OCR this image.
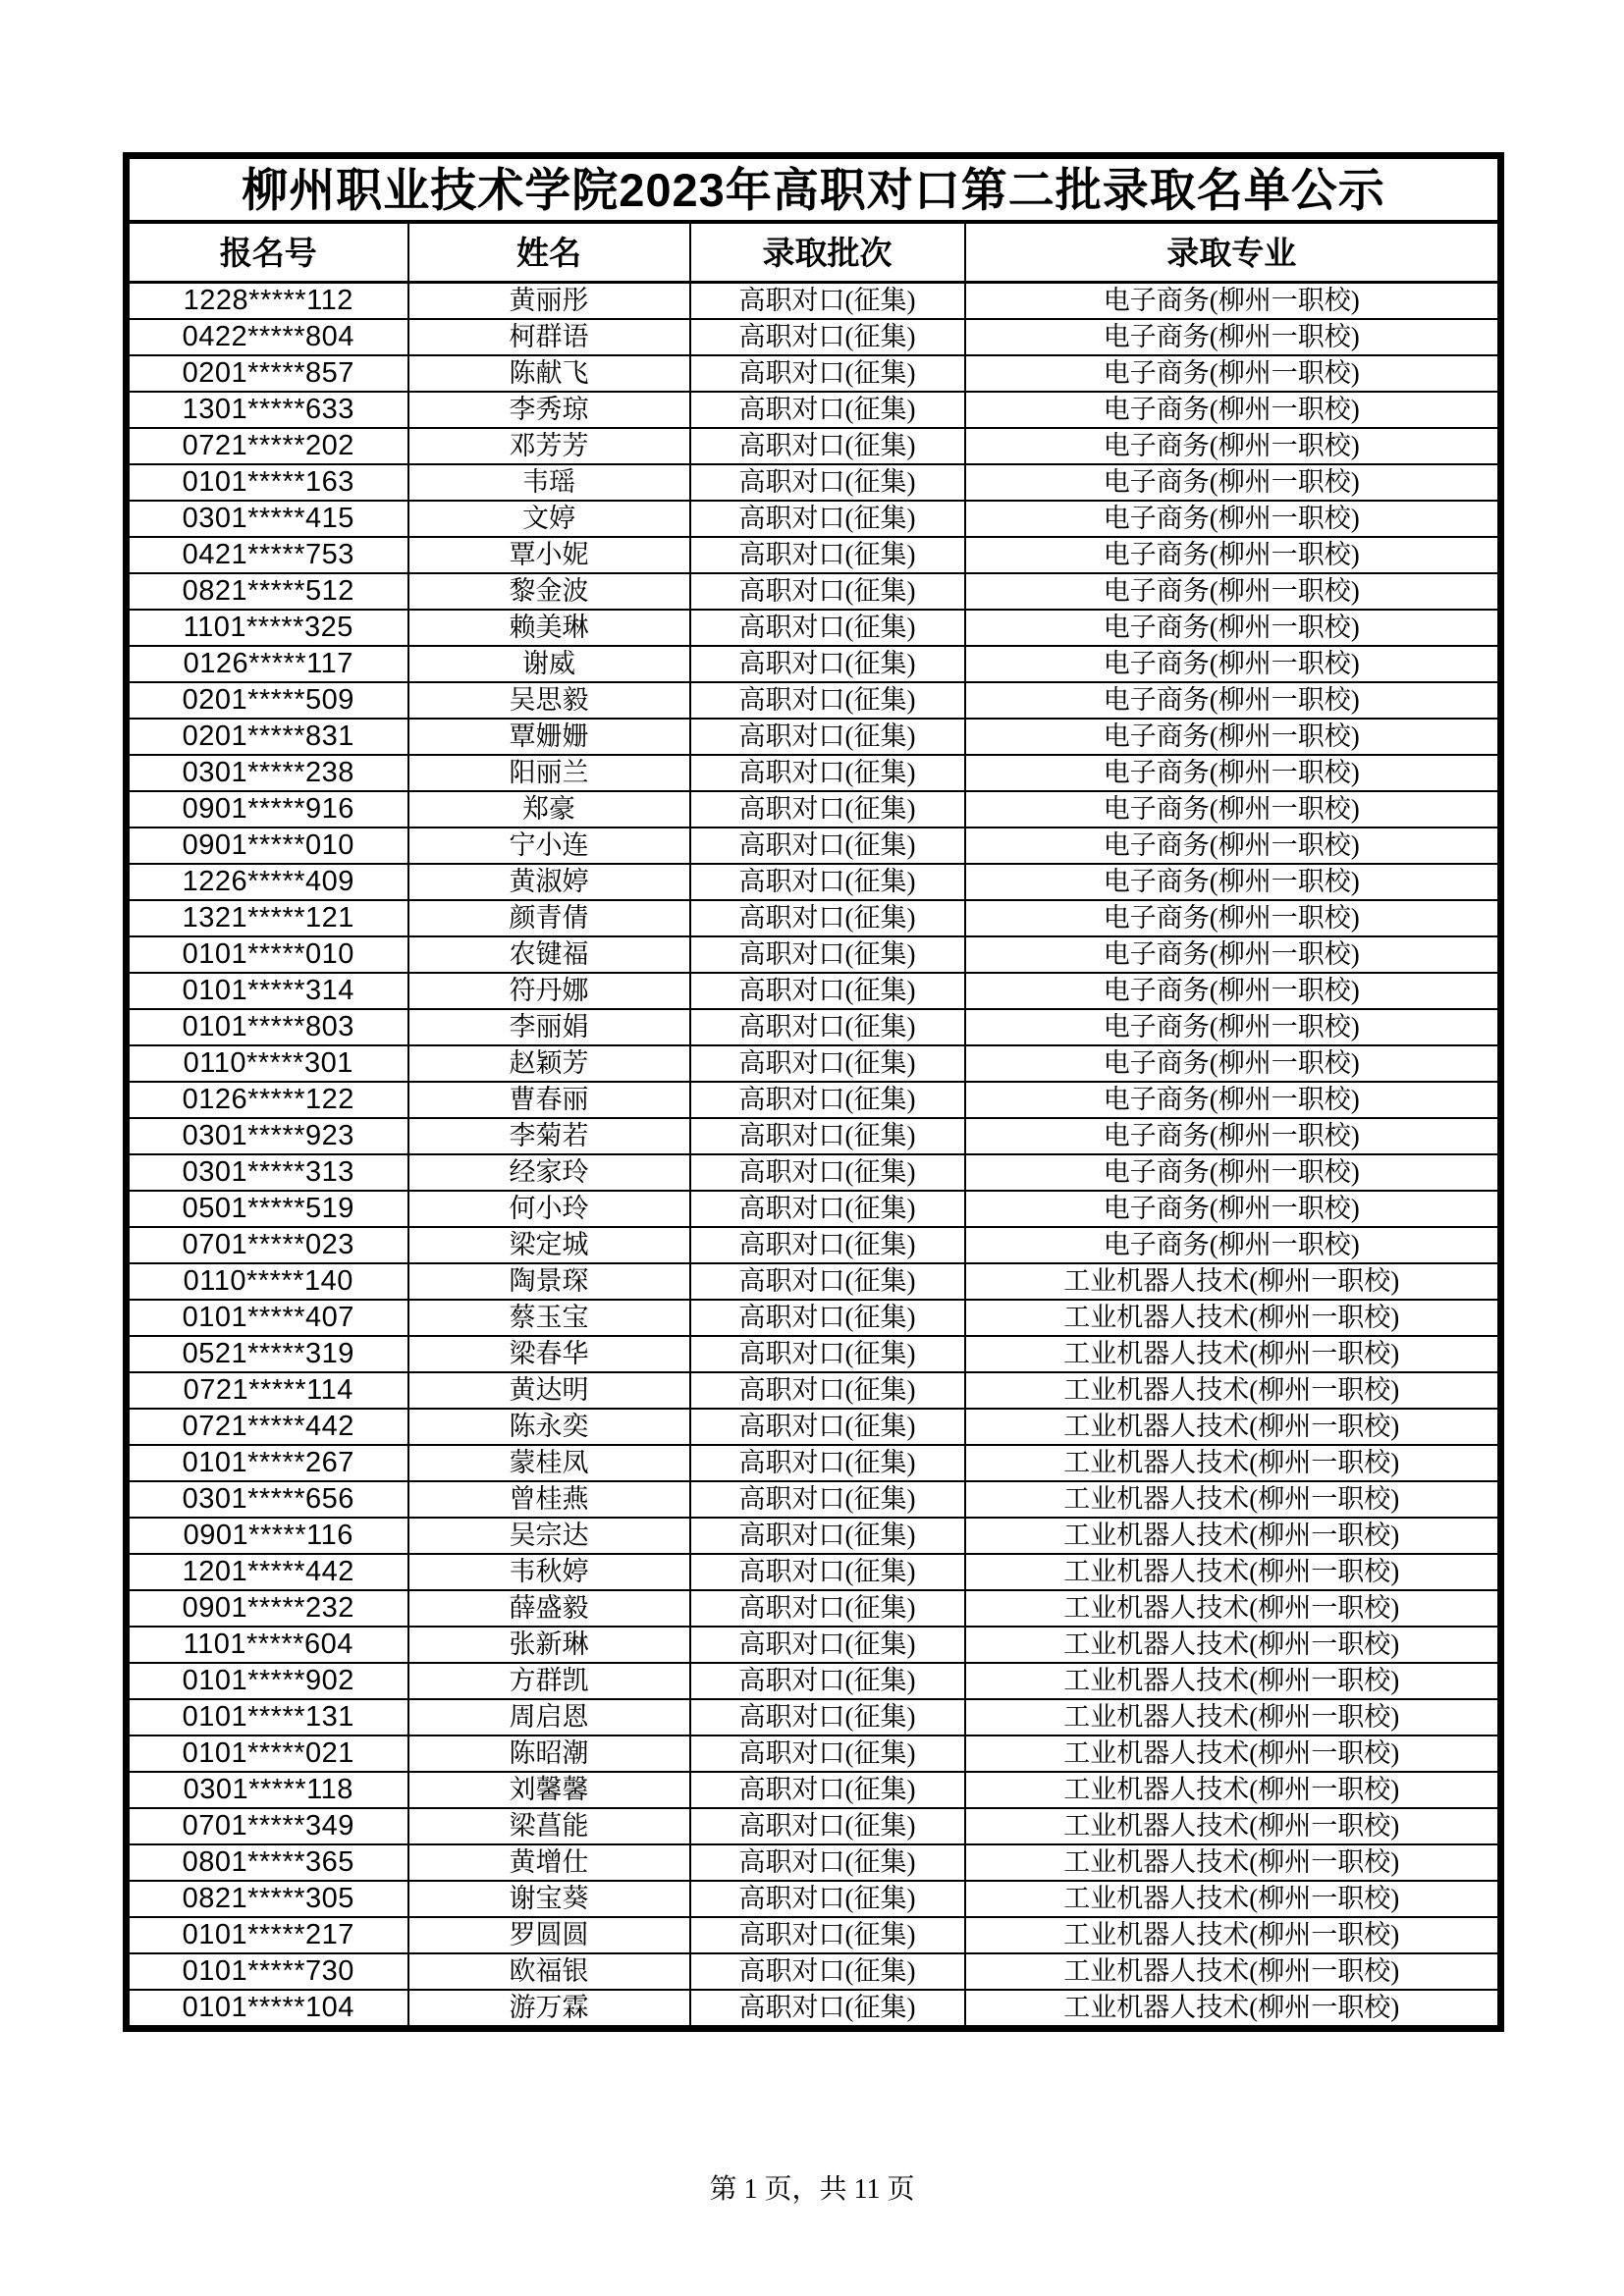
柳州职业技术学院2023年高职对口第二批录取名单公示			
报名号	姓名	录取批次	录取专业
1228*****112	黄丽彤	高职对口(征集)	电子商务(柳州一职校)
0422*****804	柯群语	高职对口(征集)	电子商务(柳州一职校)
0201*****857	陈献飞	高职对口(征集)	电子商务(柳州一职校)
1301*****633	李秀琼	高职对口(征集)	电子商务(柳州一职校)
0721*****202	邓芳芳	高职对口(征集)	电子商务(柳州一职校)
0101*****163	韦瑶	高职对口(征集)	电子商务(柳州一职校)
0301*****415	文婷	高职对口(征集)	电子商务(柳州一职校)
0421*****753	覃小妮	高职对口(征集)	电子商务(柳州一职校)
0821*****512	黎金波	高职对口(征集)	电子商务(柳州一职校)
1101*****325	赖美琳	高职对口(征集)	电子商务(柳州一职校)
0126*****117	谢威	高职对口(征集)	电子商务(柳州一职校)
0201*****509	吴思毅	高职对口(征集)	电子商务(柳州一职校)
0201*****831	覃姗姗	高职对口(征集)	电子商务(柳州一职校)
0301*****238	阳丽兰	高职对口(征集)	电子商务(柳州一职校)
0901*****916	郑豪	高职对口(征集)	电子商务(柳州一职校)
0901*****010	宁小连	高职对口(征集)	电子商务(柳州一职校)
1226*****409	黄淑婷	高职对口(征集)	电子商务(柳州一职校)
1321*****121	颜青倩	高职对口(征集)	电子商务(柳州一职校)
0101*****010	农键福	高职对口(征集)	电子商务(柳州一职校)
0101*****314	符丹娜	高职对口(征集)	电子商务(柳州一职校)
0101*****803	李丽娟	高职对口(征集)	电子商务(柳州一职校)
0110*****301	赵颖芳	高职对口(征集)	电子商务(柳州一职校)
0126*****122	曹春丽	高职对口(征集)	电子商务(柳州一职校)
0301*****923	李菊若	高职对口(征集)	电子商务(柳州一职校)
0301*****313	经家玲	高职对口(征集)	电子商务(柳州一职校)
0501*****519	何小玲	高职对口(征集)	电子商务(柳州一职校)
0701*****023	梁定城	高职对口(征集)	电子商务(柳州一职校)
0110*****140	陶景琛	高职对口(征集)	工业机器人技术(柳州一职校)
0101*****407	蔡玉宝	高职对口(征集)	工业机器人技术(柳州一职校)
0521*****319	梁春华	高职对口(征集)	工业机器人技术(柳州一职校)
0721*****114	黄达明	高职对口(征集)	工业机器人技术(柳州一职校)
0721*****442	陈永奕	高职对口(征集)	工业机器人技术(柳州一职校)
0101*****267	蒙桂凤	高职对口(征集)	工业机器人技术(柳州一职校)
0301*****656	曾桂燕	高职对口(征集)	工业机器人技术(柳州一职校)
0901*****116	吴宗达	高职对口(征集)	工业机器人技术(柳州一职校)
1201*****442	韦秋婷	高职对口(征集)	工业机器人技术(柳州一职校)
0901*****232	薛盛毅	高职对口(征集)	工业机器人技术(柳州一职校)
1101*****604	张新琳	高职对口(征集)	工业机器人技术(柳州一职校)
0101*****902	方群凯	高职对口(征集)	工业机器人技术(柳州一职校)
0101*****131	周启恩	高职对口(征集)	工业机器人技术(柳州一职校)
0101*****021	陈昭潮	高职对口(征集)	工业机器人技术(柳州一职校)
0301*****118	刘馨馨	高职对口(征集)	工业机器人技术(柳州一职校)
0701*****349	梁菖能	高职对口(征集)	工业机器人技术(柳州一职校)
0801*****365	黄增仕	高职对口(征集)	工业机器人技术(柳州一职校)
0821*****305	谢宝葵	高职对口(征集)	工业机器人技术(柳州一职校)
0101*****217	罗圆圆	高职对口(征集)	工业机器人技术(柳州一职校)
0101*****730	欧福银	高职对口(征集)	工业机器人技术(柳州一职校)
0101*****104	游万霖	高职对口(征集)	工业机器人技术(柳州一职校)
第 1 页，共 11 页
